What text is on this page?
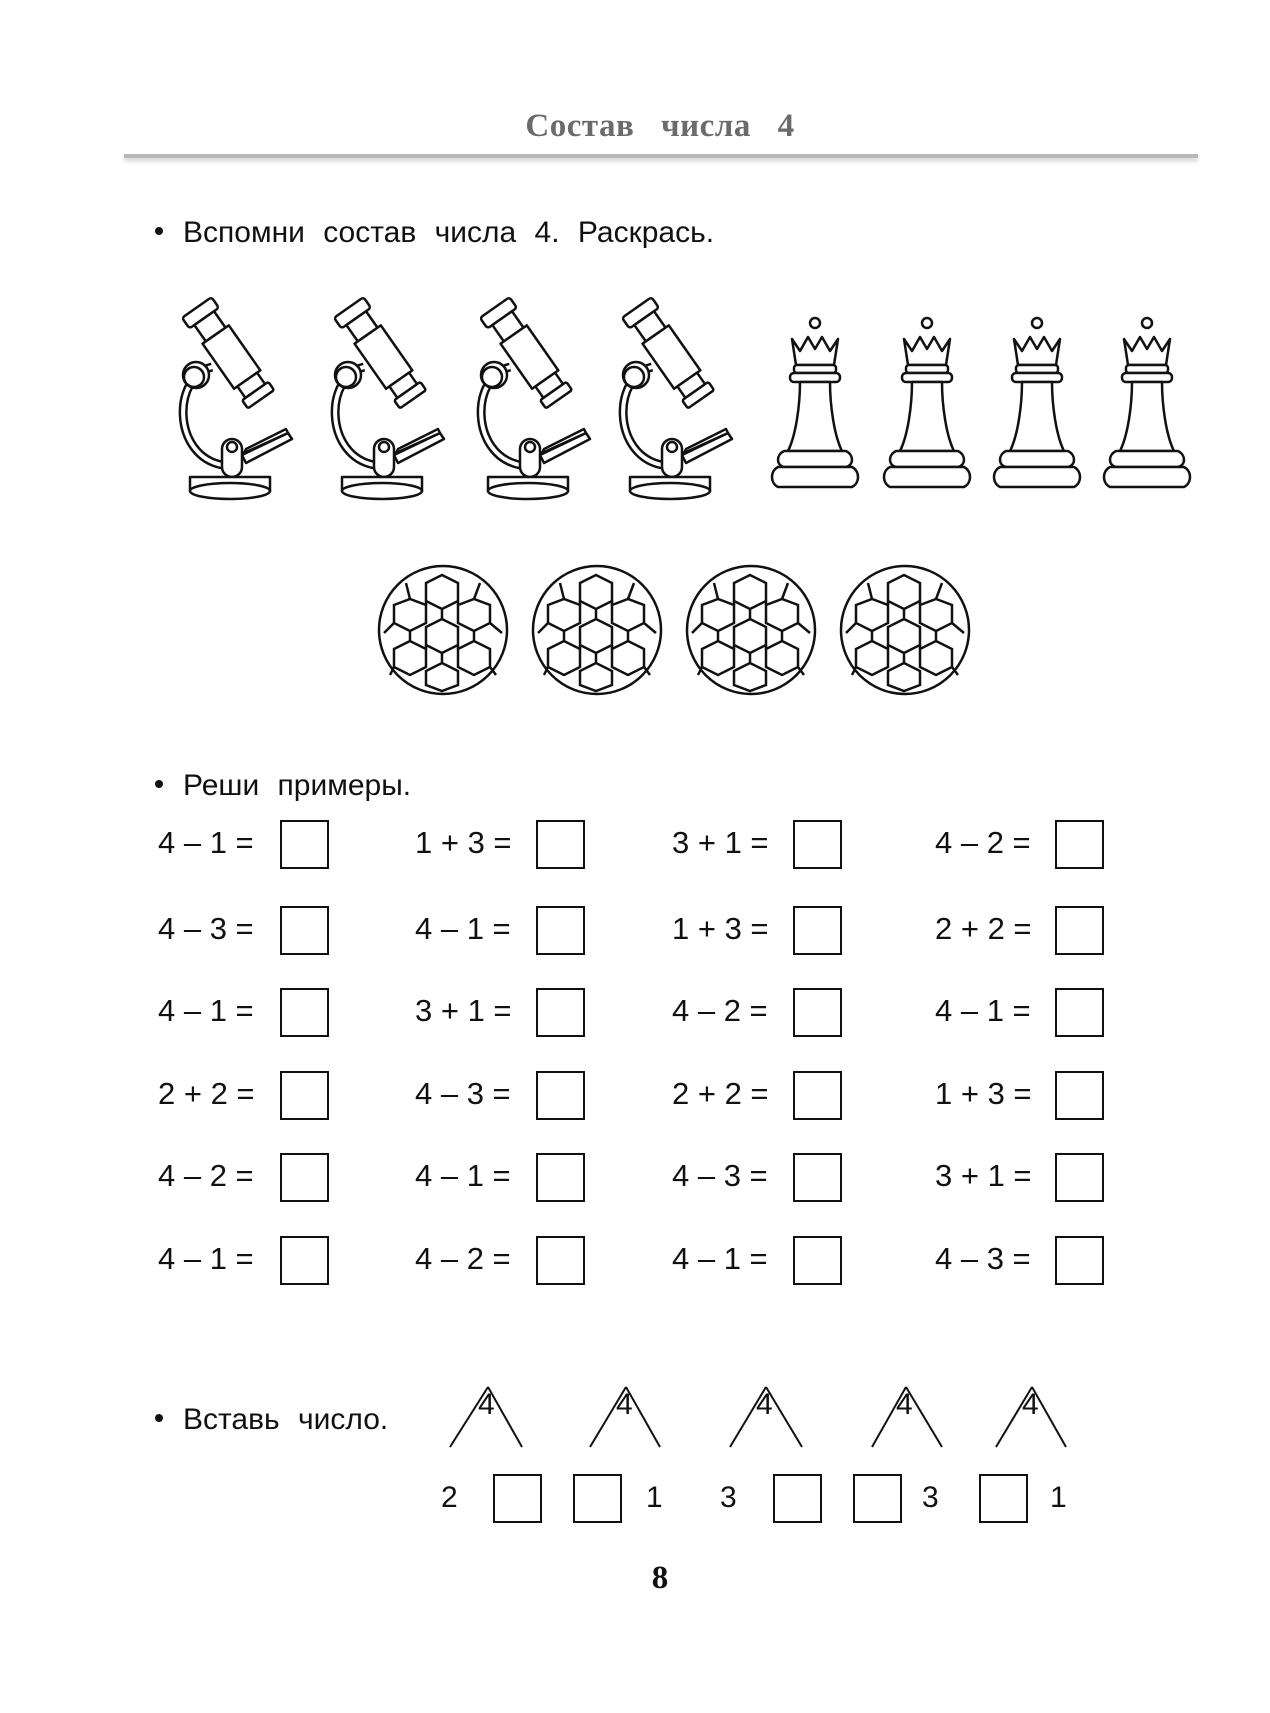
Состав числа 4
Вспомни состав числа 4. Раскрась.
Реши примеры.
4 – 1 =
4 – 3 =
4 – 1 =
2 + 2 =
4 – 2 =
4 – 1 =
1 + 3 =
4 – 1 =
3 + 1 =
4 – 3 =
4 – 1 =
4 – 2 =
3 + 1 =
1 + 3 =
4 – 2 =
2 + 2 =
4 – 3 =
4 – 1 =
4 – 2 =
2 + 2 =
4 – 1 =
1 + 3 =
3 + 1 =
4 – 3 =
Вставь число.	4
2
4
1
4
3
4
3
4
1
8
